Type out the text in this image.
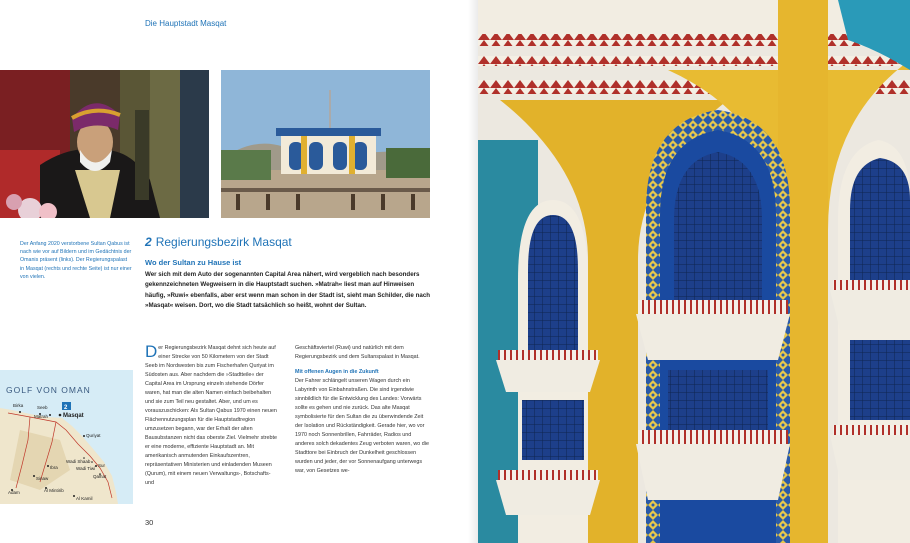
Die Hauptstadt Masqat
Der Anfang 2020 verstorbene Sultan Qabus ist nach wie vor auf Bildern und im Gedächtnis der Omanis präsent (links). Der Regierungspalast in Masqat (rechts und rechte Seite) ist nur einer von vielen.
2 Regierungsbezirk Masqat
Wo der Sultan zu Hause ist

Wer sich mit dem Auto der sogenannten Capital Area nähert, wird vergeblich nach besonders gekennzeichneten Wegweisern in die Hauptstadt suchen. »Matrah« liest man auf Hinweisen häufig, »Ruwi« ebenfalls, aber erst wenn man schon in der Stadt ist, sieht man Schilder, die nach »Masqat« weisen. Dort, wo die Stadt tatsächlich so heißt, wohnt der Sultan.

Der Regierungsbezirk Masqat dehnt sich heute auf einer Strecke von 50 Kilometern von der Stadt Seeb im Nordwesten bis zum Fischerhafen Quriyat im Südosten aus. Aber nachdem die »Stadtteile« der Capital Area im Ursprung einzeln stehende Dörfer waren, hat man die alten Namen einfach beibehalten und sie zum Teil neu gestaltet. Aber, und um es vorauszuschicken: Als Sultan Qabus 1970 einen neuen Flächennutzungsplan für die Hauptstadtregion umzusetzen begann, war der Erhalt der alten Bausubstanzen nicht das oberste Ziel. Vielmehr strebte er eine moderne, effiziente Hauptstadt an. Mit amerikanisch anmutenden Einkaufszentren, repräsentativen Ministerien und einladenden Museen (Qurum), mit einem neuen Verwaltungs-, Botschafts- und

Geschäftsviertel (Ruwi) und natürlich mit dem Regierungsbezirk und dem Sultanspalast in Masqat.
Mit offenen Augen in die Zukunft
Der Fahrer schlängelt unseren Wagen durch ein Labyrinth von Einbahnstraßen. Die sind irgendwie sinnbildlich für die Entwicklung des Landes: Vorwärts sollte es gehen und nie zurück. Das alte Masqat symbolisierte für den Sultan die zu überwindende Zeit der Isolation und Rückständigkeit. Gerade hier, wo vor 1970 noch Sonnenbrillen, Fahrräder, Radios und anderes solch dekadentes Zeug verboten waren, wo die Stadttore bei Einbruch der Dunkelheit geschlossen wurden und jeder, der vor Sonnenaufgang unterwegs war, von Gesetzes we-

GOLF VON OMAN
2
Birka	Seeb
Matrah Masqat
Quriyat
Sur
Wadi Shaab
Wadi Tiwi
Qalhat
Ibra
Sinaw
Al Mintirib
Adam
Al Kamil
30
